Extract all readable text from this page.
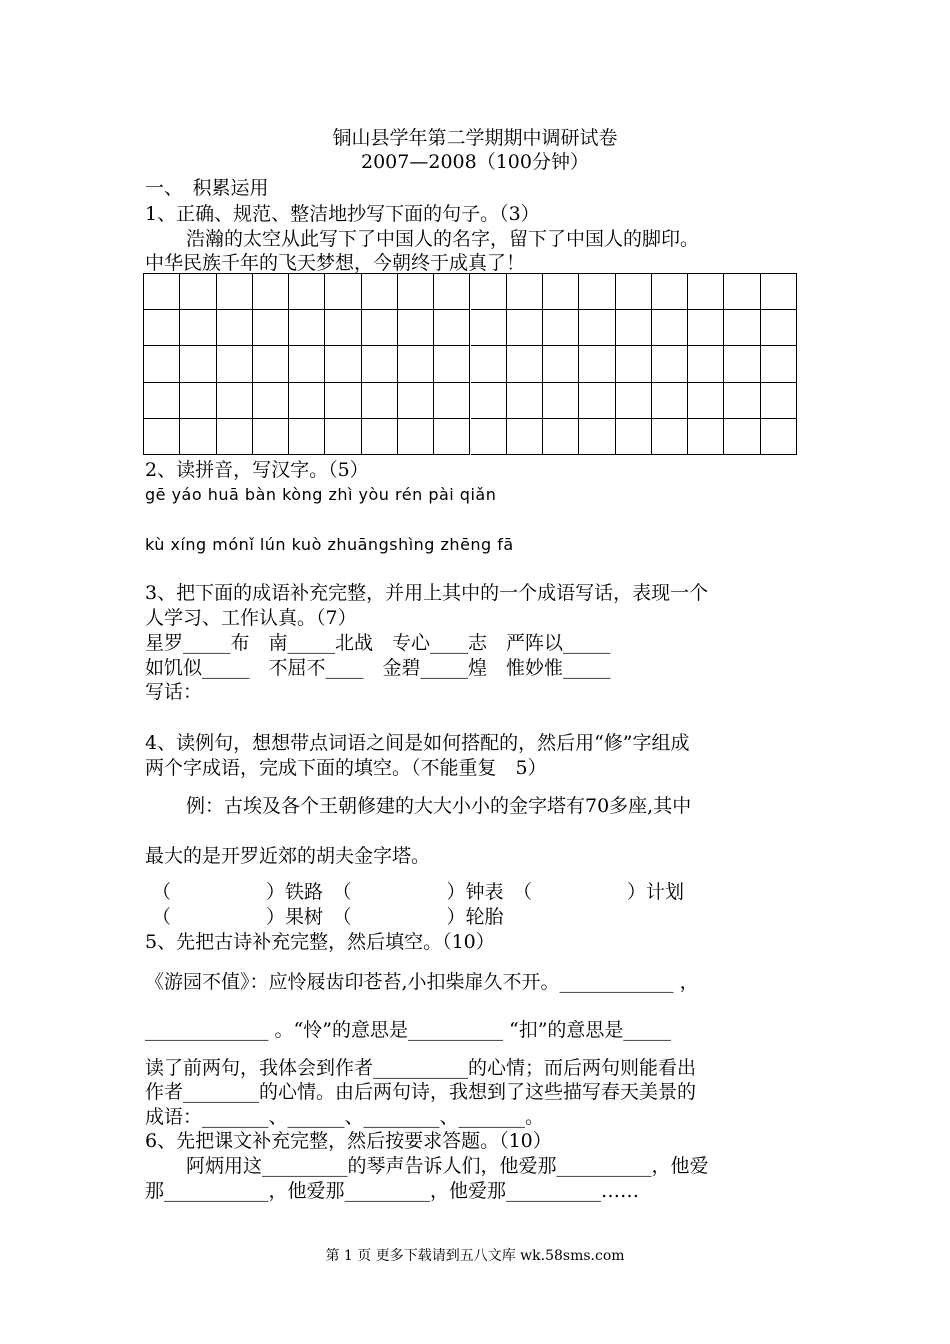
铜山县学年第二学期期中调研试卷
2007—2008（100分钟）
一、　积累运用
1、正确、规范、整洁地抄写下面的句子。（3）
浩瀚的太空从此写下了中国人的名字，留下了中国人的脚印。
中华民族千年的飞天梦想，今朝终于成真了！
2、读拼音，写汉字。（5）
gē yáo huā bàn kòng zhì yòu rén pài qiǎn
kù xíng mónǐ lún kuò zhuāngshìng zhēng fā
3、把下面的成语补充完整，并用上其中的一个成语写话，表现一个
人学习、工作认真。（7）
星罗_____布　南_____北战　专心____志　严阵以_____
如饥似_____　不屈不____　金碧_____煌　惟妙惟_____
写话：
4、读例句，想想带点词语之间是如何搭配的，然后用“修”字组成
两个字成语，完成下面的填空。（不能重复　5）
例：古埃及各个王朝修建的大大小小的金字塔有70多座,其中
最大的是开罗近郊的胡夫金字塔。
（　　　　　）铁路　（　　　　　）钟表　（　　　　　）计划
（　　　　　）果树　（　　　　　）轮胎
5、先把古诗补充完整，然后填空。（10）
《游园不值》：应怜屐齿印苍苔,小扣柴扉久不开。____________ ，
_____________ 。“怜”的意思是__________ “扣”的意思是_____
读了前两句，我体会到作者__________的心情；而后两句则能看出
作者________的心情。由后两句诗，我想到了这些描写春天美景的
成语：_______、______、________、_______。
6、先把课文补充完整，然后按要求答题。（10）
阿炳用这_________的琴声告诉人们，他爱那__________，他爱
那___________，他爱那_________，他爱那__________……
第 1 页 更多下载请到五八文库 wk.58sms.com
